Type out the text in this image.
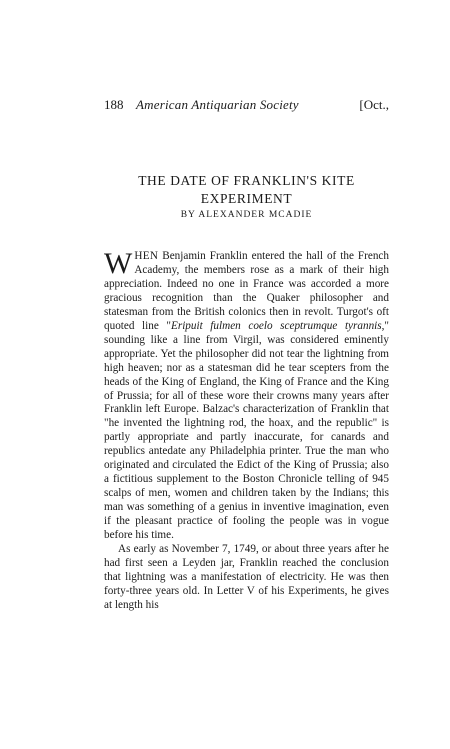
188 American Antiquarian Society	[Oct.,
THE DATE OF FRANKLIN'S KITE
EXPERIMENT
BY ALEXANDER MCADIE

WHEN Benjamin Franklin entered the hall of the French Academy, the members rose as a mark of their high appreciation. Indeed no one in France was accorded a more gracious recognition than the Quaker philosopher and statesman from the British colonics then in revolt. Turgot's oft quoted line "Eripuit fulmen coelo sceptrumque tyrannis," sounding like a line from Virgil, was considered eminently appropriate. Yet the philosopher did not tear the lightning from high heaven; nor as a statesman did he tear scepters from the heads of the King of England, the King of France and the King of Prussia; for all of these wore their crowns many years after Franklin left Europe. Balzac's characterization of Franklin that "he invented the lightning rod, the hoax, and the republic" is partly appropriate and partly inaccurate, for canards and republics antedate any Philadelphia printer. True the man who originated and circulated the Edict of the King of Prussia; also a fictitious supplement to the Boston Chronicle telling of 945 scalps of men, women and children taken by the Indians; this man was something of a genius in inventive imagination, even if the pleasant practice of fooling the people was in vogue before his time.

As early as November 7, 1749, or about three years after he had first seen a Leyden jar, Franklin reached the conclusion that lightning was a manifestation of electricity. He was then forty-three years old. In Letter V of his Experiments, he gives at length his
